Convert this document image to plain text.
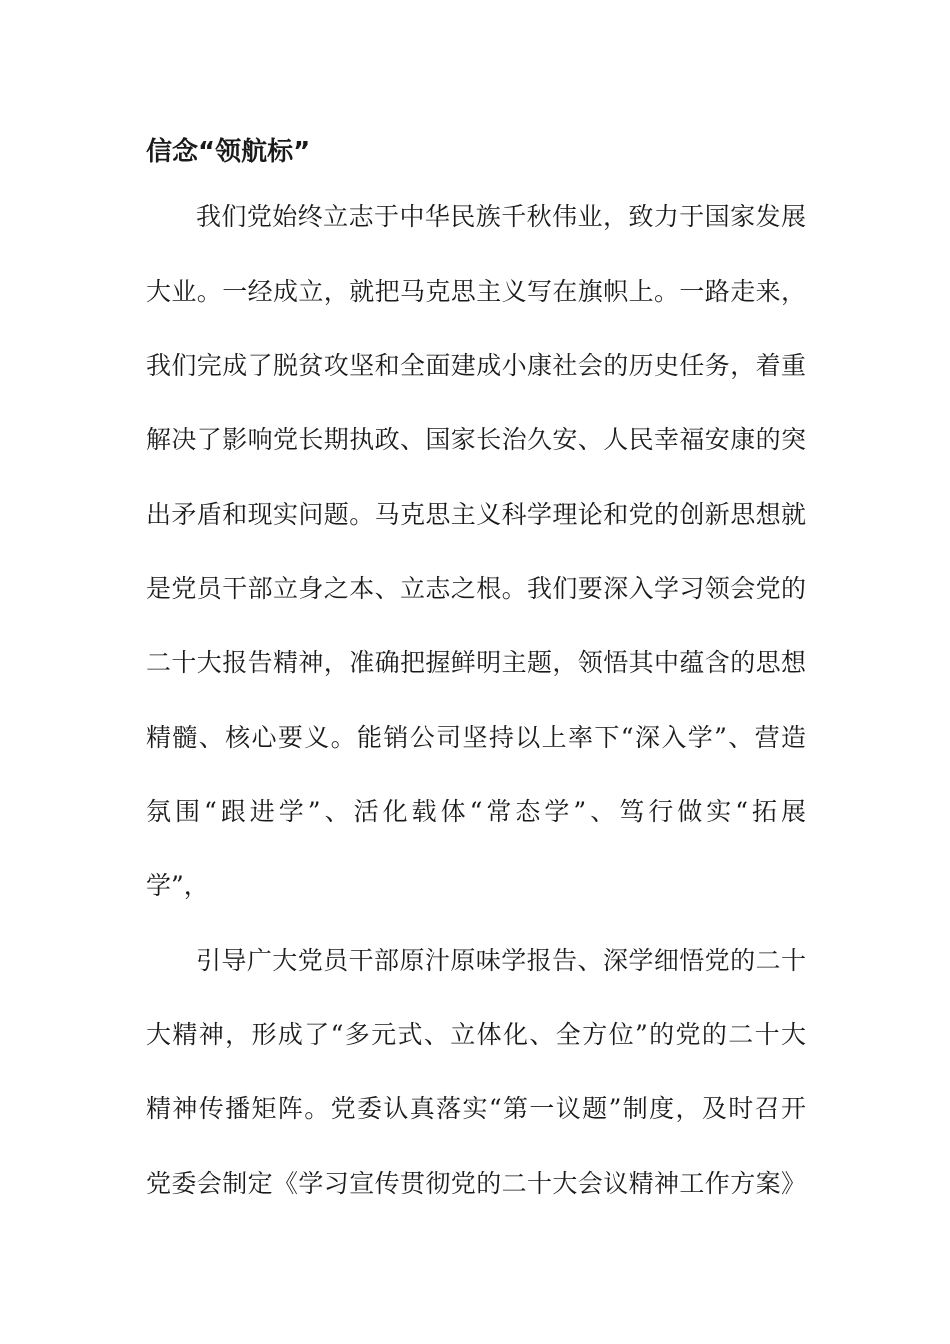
信念“领航标”
我们党始终立志于中华民族千秋伟业，致力于国家发展
大业。一经成立，就把马克思主义写在旗帜上。一路走来，
我们完成了脱贫攻坚和全面建成小康社会的历史任务，着重
解决了影响党长期执政、国家长治久安、人民幸福安康的突
出矛盾和现实问题。马克思主义科学理论和党的创新思想就
是党员干部立身之本、立志之根。我们要深入学习领会党的
二十大报告精神，准确把握鲜明主题，领悟其中蕴含的思想
精髓、核心要义。能销公司坚持以上率下“深入学”、营造
氛围“跟进学”、活化载体“常态学”、笃行做实“拓展
学”，
引导广大党员干部原汁原味学报告、深学细悟党的二十
大精神，形成了“多元式、立体化、全方位”的党的二十大
精神传播矩阵。党委认真落实“第一议题”制度，及时召开
党委会制定《学习宣传贯彻党的二十大会议精神工作方案》
